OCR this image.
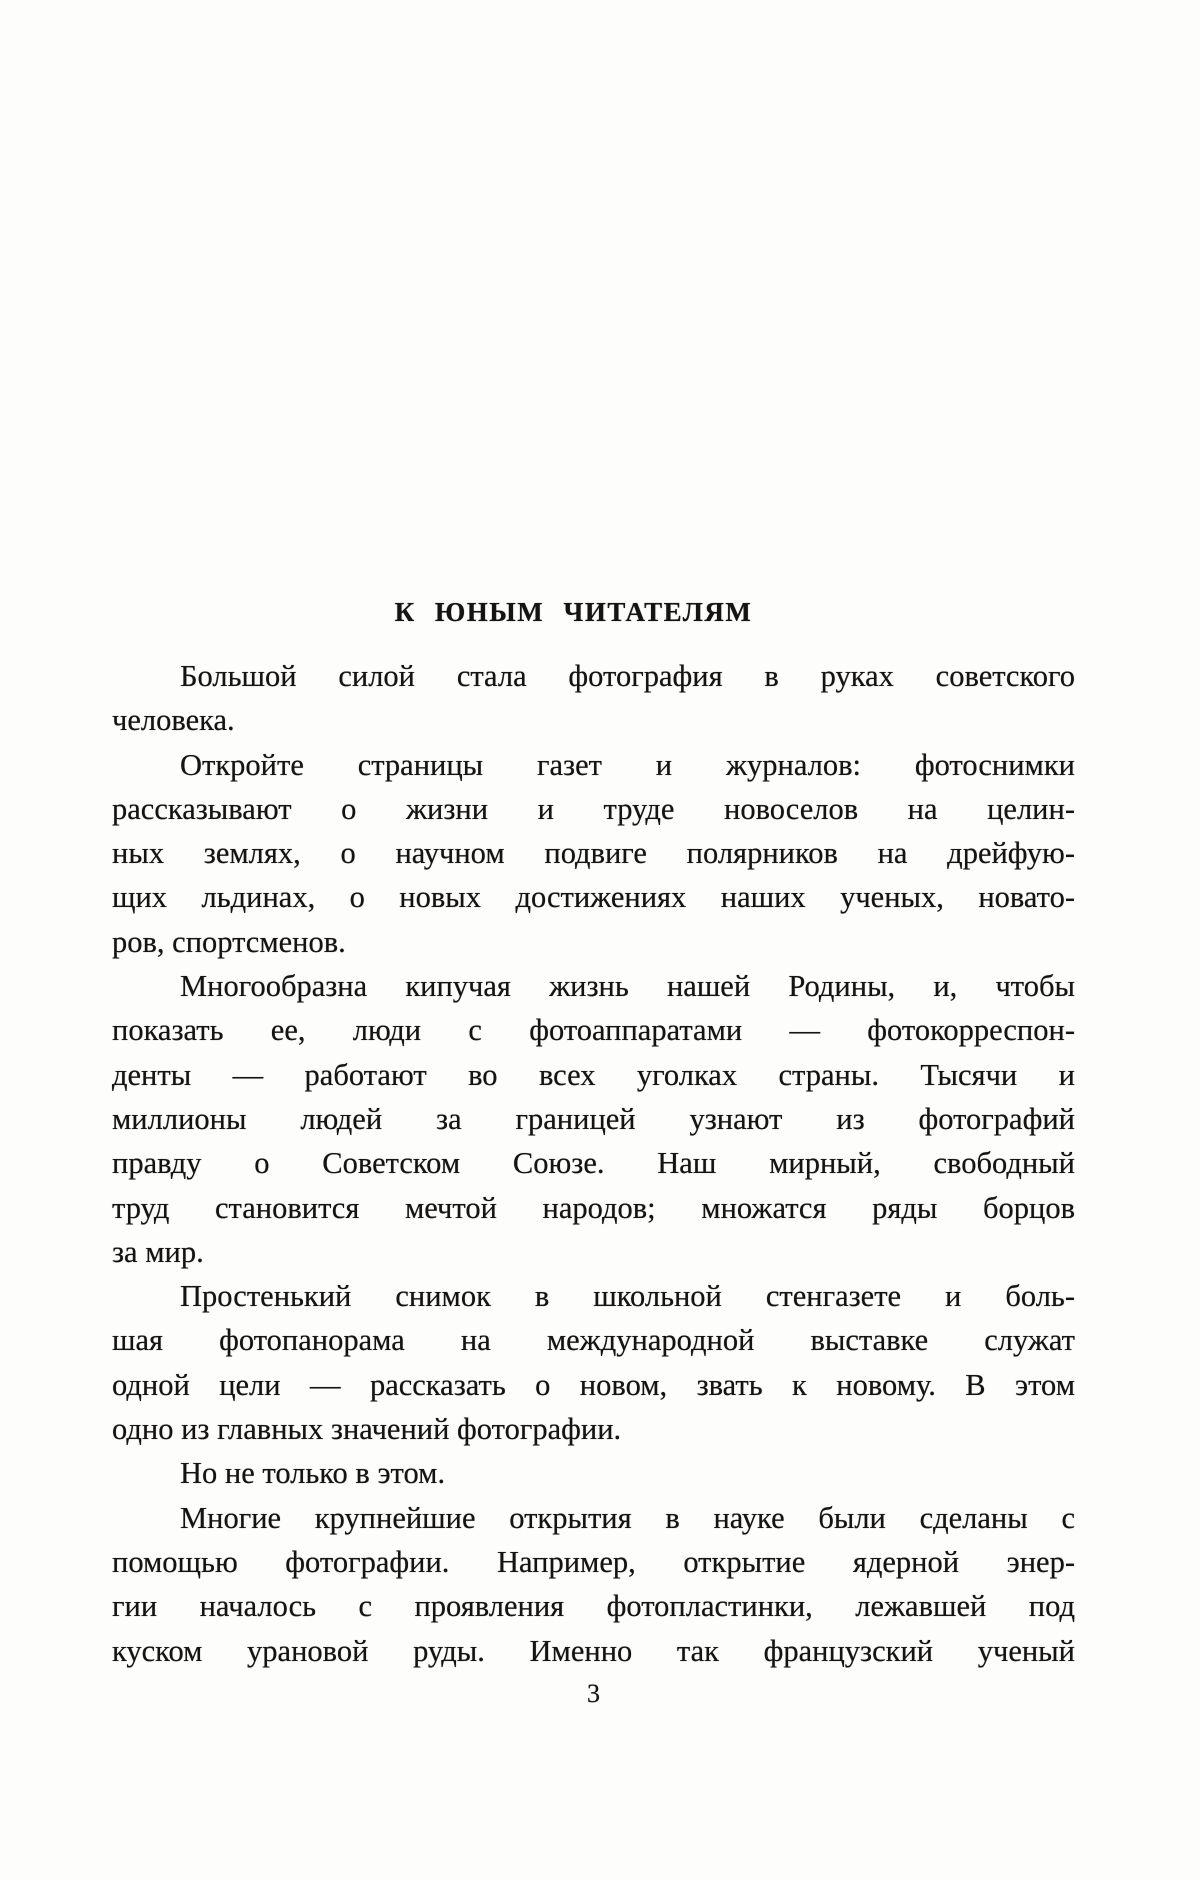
К ЮНЫМ ЧИТАТЕЛЯМ
Большой силой стала фотография в руках советского
человека.
Откройте страницы газет и журналов: фотоснимки
рассказывают о жизни и труде новоселов на целин-
ных землях, о научном подвиге полярников на дрейфую-
щих льдинах, о новых достижениях наших ученых, новато-
ров, спортсменов.
Многообразна кипучая жизнь нашей Родины, и, чтобы
показать ее, люди с фотоаппаратами — фотокорреспон-
денты — работают во всех уголках страны. Тысячи и
миллионы людей за границей узнают из фотографий
правду о Советском Союзе. Наш мирный, свободный
труд становится мечтой народов; множатся ряды борцов
за мир.
Простенький снимок в школьной стенгазете и боль-
шая фотопанорама на международной выставке служат
одной цели — рассказать о новом, звать к новому. В этом
одно из главных значений фотографии.
Но не только в этом.
Многие крупнейшие открытия в науке были сделаны с
помощью фотографии. Например, открытие ядерной энер-
гии началось с проявления фотопластинки, лежавшей под
куском урановой руды. Именно так французский ученый
3
